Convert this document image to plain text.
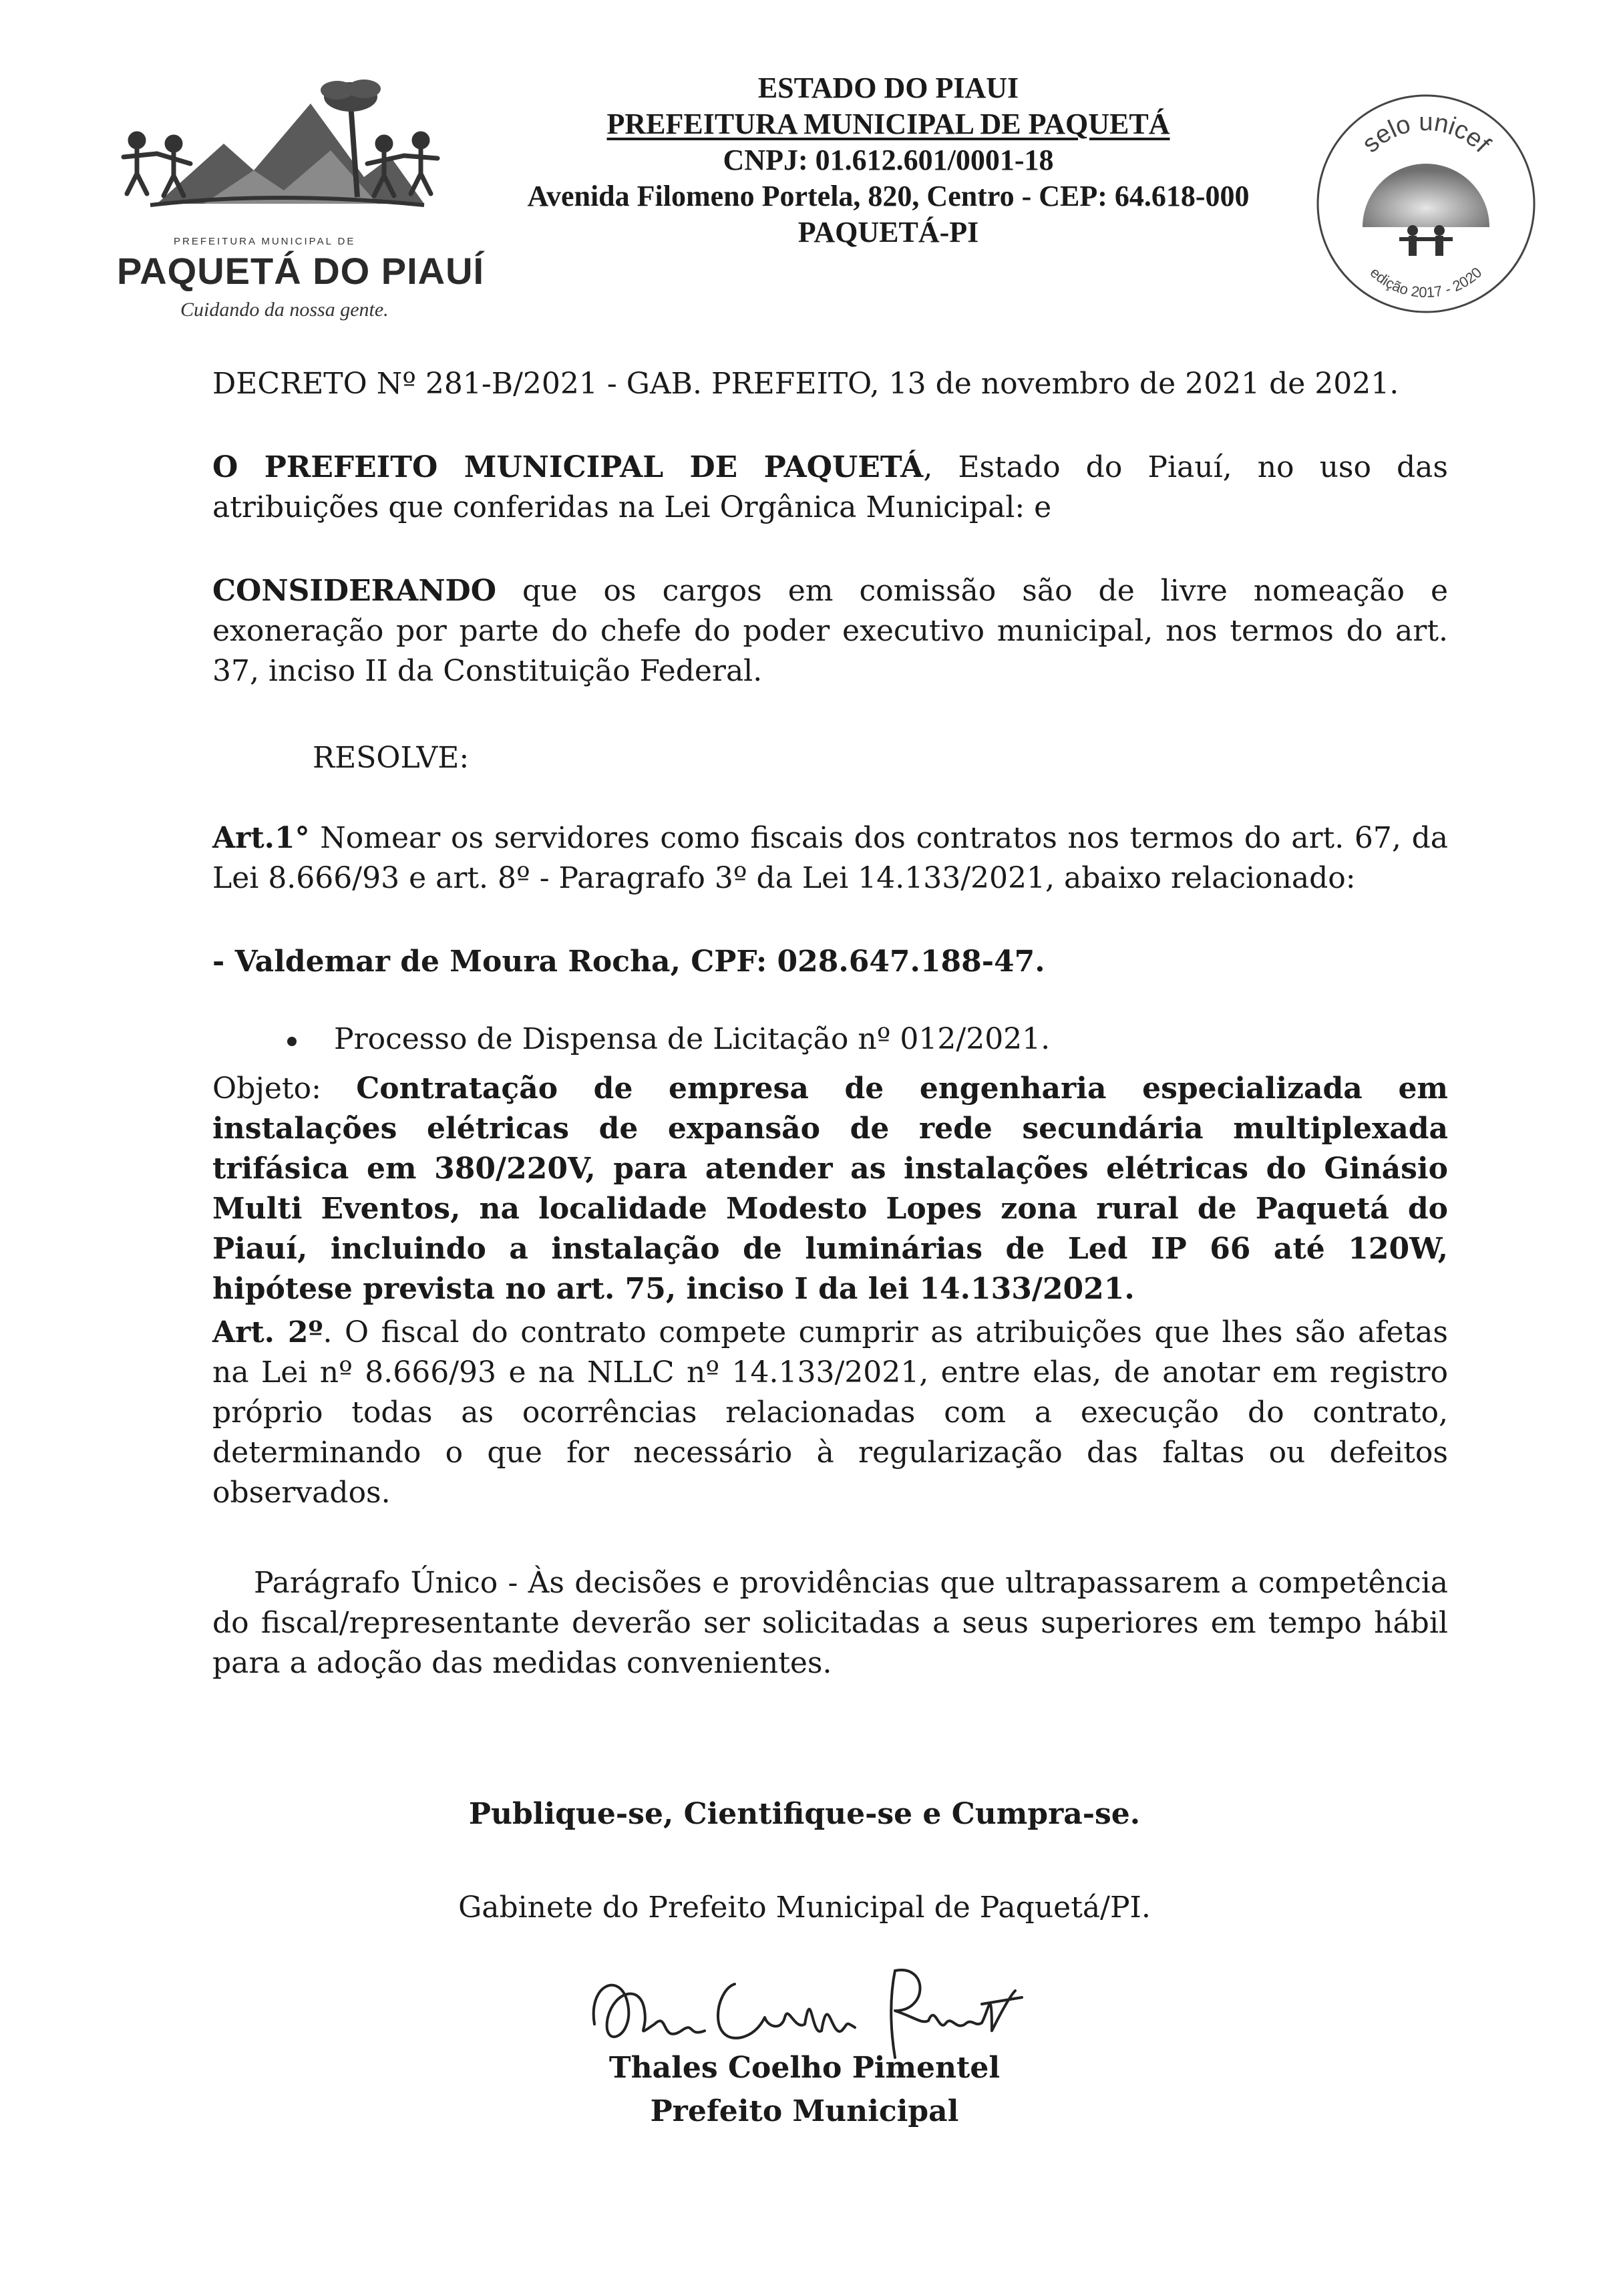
PREFEITURA MUNICIPAL DE
PAQUETÁ DO PIAUÍ
Cuidando da nossa gente.
ESTADO DO PIAUI
PREFEITURA MUNICIPAL DE PAQUETÁ
CNPJ: 01.612.601/0001-18
Avenida Filomeno Portela, 820, Centro - CEP: 64.618-000
PAQUETÁ-PI
selo unicef
edição 2017 - 2020
DECRETO Nº 281-B/2021 - GAB. PREFEITO, 13 de novembro de 2021 de 2021.
O PREFEITO MUNICIPAL DE PAQUETÁ, Estado do Piauí, no uso das atribuições que conferidas na Lei Orgânica Municipal: e
CONSIDERANDO que os cargos em comissão são de livre nomeação e exoneração por parte do chefe do poder executivo municipal, nos termos do art. 37, inciso II da Constituição Federal.
RESOLVE:
Art.1° Nomear os servidores como fiscais dos contratos nos termos do art. 67, da Lei 8.666/93 e art. 8º - Paragrafo 3º da Lei 14.133/2021, abaixo relacionado:
- Valdemar de Moura Rocha, CPF: 028.647.188-47.
Processo de Dispensa de Licitação nº 012/2021.
Objeto: Contratação de empresa de engenharia especializada em instalações elétricas de expansão de rede secundária multiplexada trifásica em 380/220V, para atender as instalações elétricas do Ginásio Multi Eventos, na localidade Modesto Lopes zona rural de Paquetá do Piauí, incluindo a instalação de luminárias de Led IP 66 até 120W, hipótese prevista no art. 75, inciso I da lei 14.133/2021.
Art. 2º. O fiscal do contrato compete cumprir as atribuições que lhes são afetas na Lei nº 8.666/93 e na NLLC nº 14.133/2021, entre elas, de anotar em registro próprio todas as ocorrências relacionadas com a execução do contrato, determinando o que for necessário à regularização das faltas ou defeitos observados.
Parágrafo Único - Às decisões e providências que ultrapassarem a competência do fiscal/representante deverão ser solicitadas a seus superiores em tempo hábil para a adoção das medidas convenientes.
Publique-se, Cientifique-se e Cumpra-se.
Gabinete do Prefeito Municipal de Paquetá/PI.
Thales Coelho Pimentel
Prefeito Municipal
